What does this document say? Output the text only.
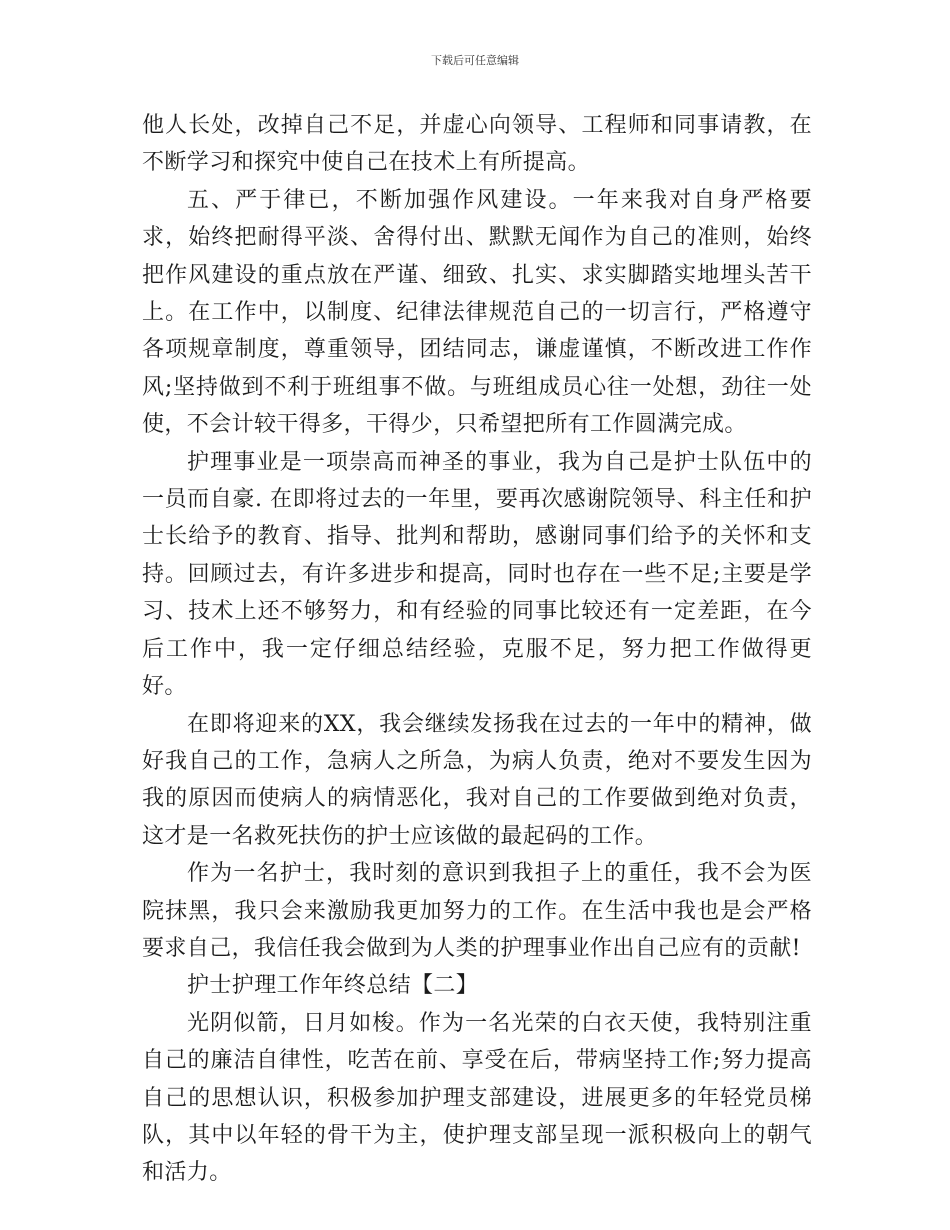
下载后可任意编辑

他人长处，改掉自己不足，并虚心向领导、工程师和同事请教，在不断学习和探究中使自己在技术上有所提高。

五、严于律已，不断加强作风建设。一年来我对自身严格要求，始终把耐得平淡、舍得付出、默默无闻作为自己的准则，始终把作风建设的重点放在严谨、细致、扎实、求实脚踏实地埋头苦干上。在工作中，以制度、纪律法律规范自己的一切言行，严格遵守各项规章制度，尊重领导，团结同志，谦虚谨慎，不断改进工作作风;坚持做到不利于班组事不做。与班组成员心往一处想，劲往一处使，不会计较干得多，干得少，只希望把所有工作圆满完成。

护理事业是一项崇高而神圣的事业，我为自己是护士队伍中的一员而自豪. 在即将过去的一年里，要再次感谢院领导、科主任和护士长给予的教育、指导、批判和帮助，感谢同事们给予的关怀和支持。回顾过去，有许多进步和提高，同时也存在一些不足;主要是学习、技术上还不够努力，和有经验的同事比较还有一定差距，在今后工作中，我一定仔细总结经验，克服不足，努力把工作做得更好。

在即将迎来的XX，我会继续发扬我在过去的一年中的精神，做好我自己的工作，急病人之所急，为病人负责，绝对不要发生因为我的原因而使病人的病情恶化，我对自己的工作要做到绝对负责，这才是一名救死扶伤的护士应该做的最起码的工作。

作为一名护士，我时刻的意识到我担子上的重任，我不会为医院抹黑，我只会来激励我更加努力的工作。在生活中我也是会严格要求自己，我信任我会做到为人类的护理事业作出自己应有的贡献!

护士护理工作年终总结【二】

光阴似箭，日月如梭。作为一名光荣的白衣天使，我特别注重自己的廉洁自律性，吃苦在前、享受在后，带病坚持工作;努力提高自己的思想认识，积极参加护理支部建设，进展更多的年轻党员梯队，其中以年轻的骨干为主，使护理支部呈现一派积极向上的朝气和活力。
